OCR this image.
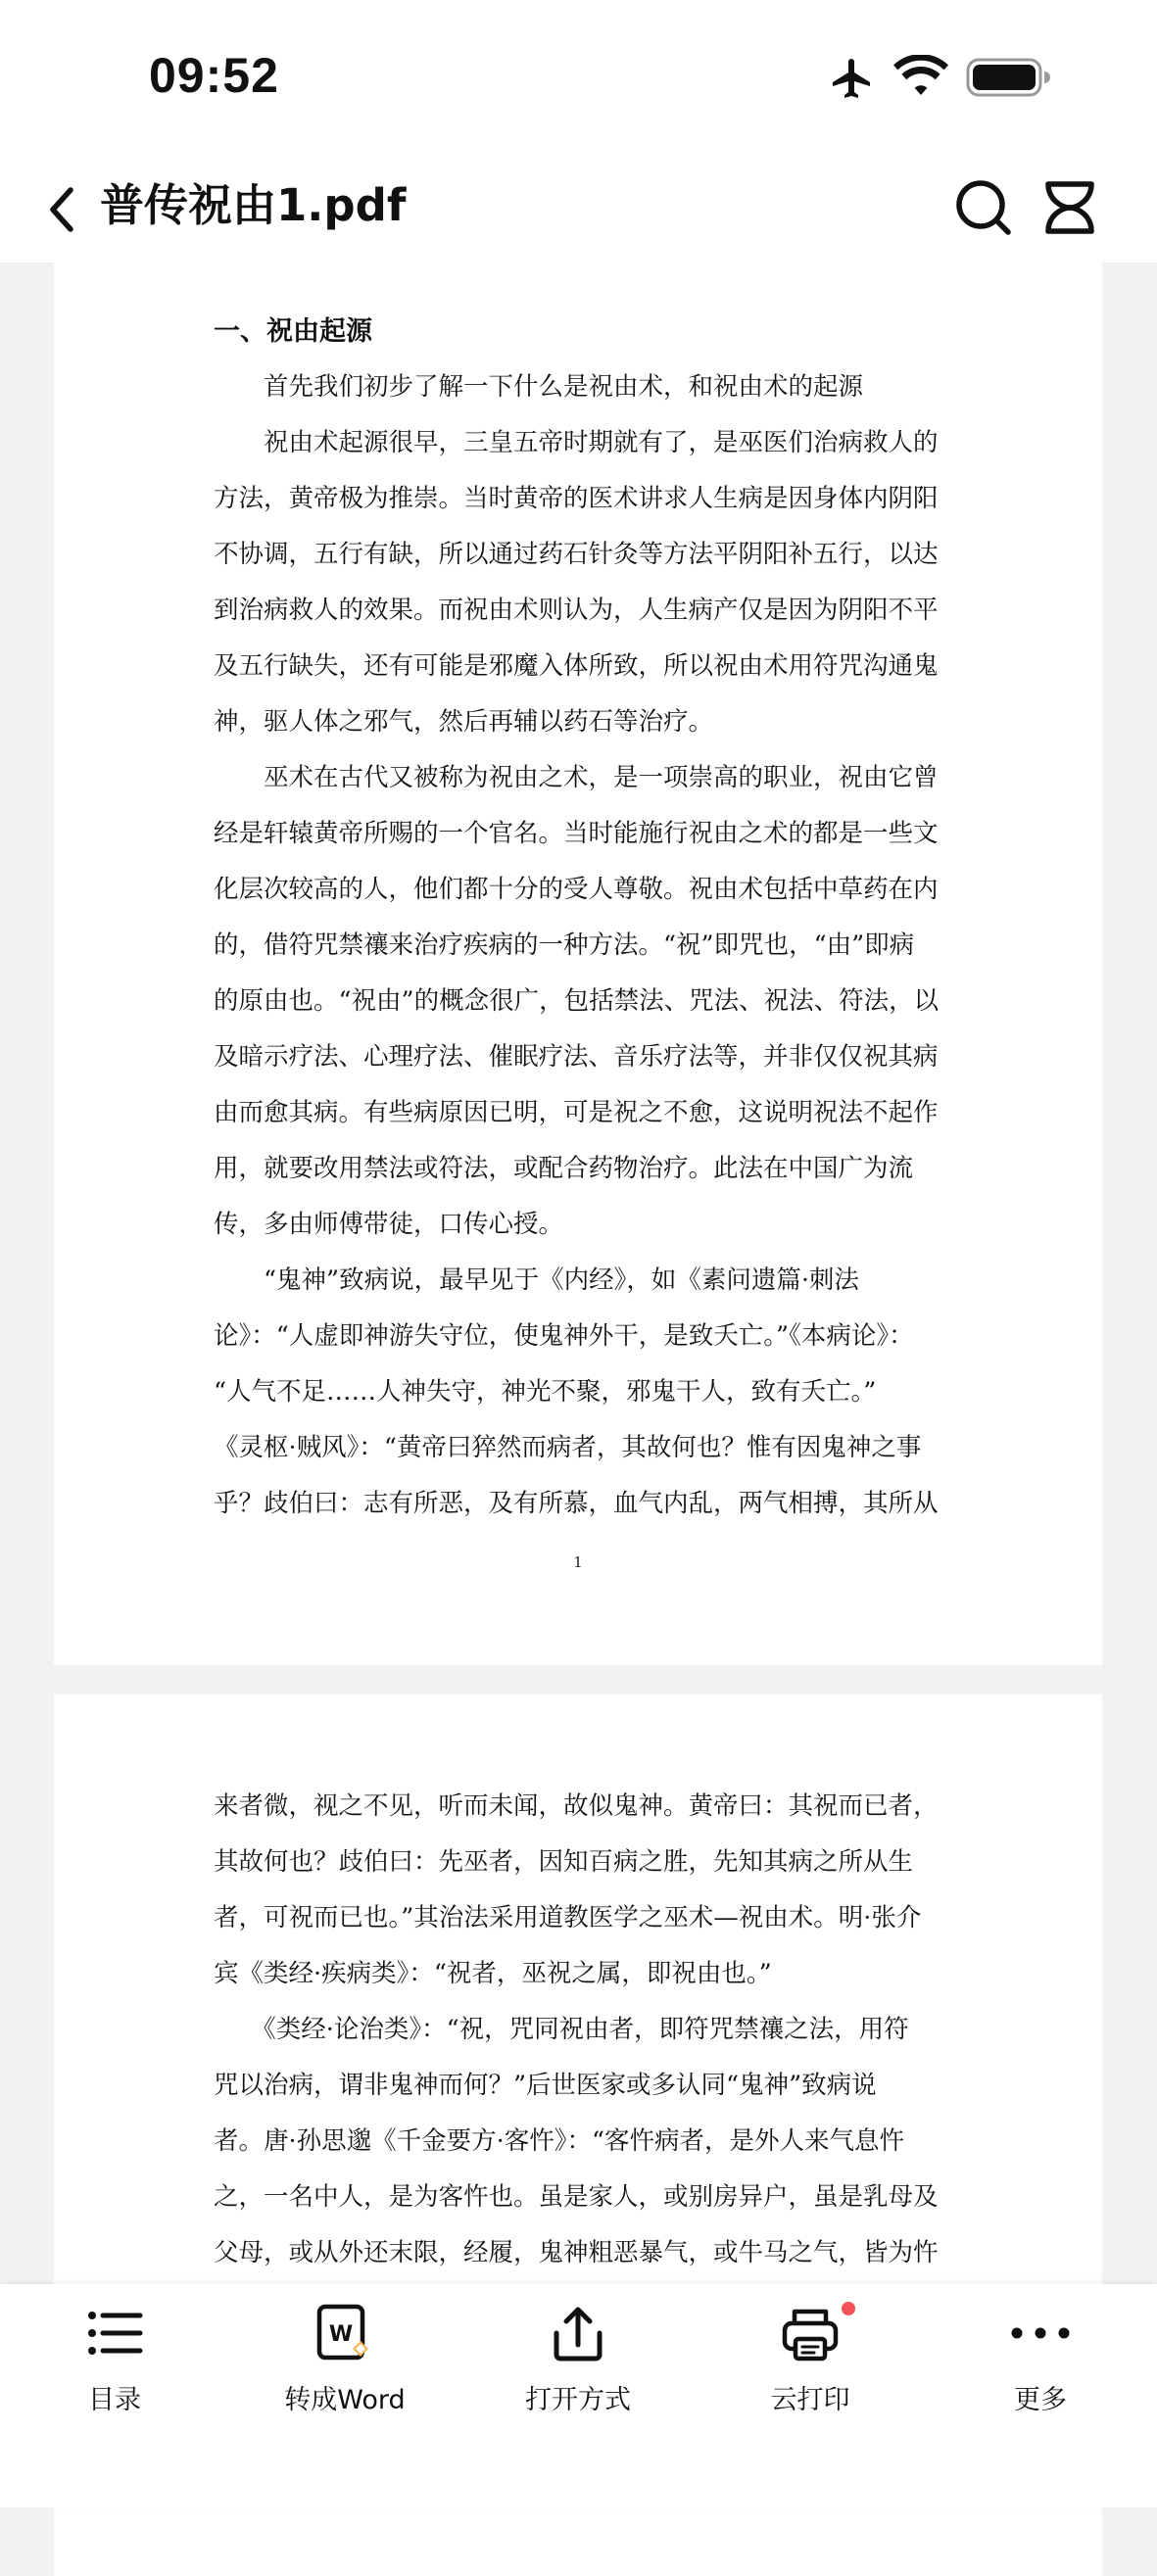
09:52
普传祝由1.pdf
一、祝由起源
　　首先我们初步了解一下什么是祝由术，和祝由术的起源
　　祝由术起源很早，三皇五帝时期就有了，是巫医们治病救人的
方法，黄帝极为推崇。当时黄帝的医术讲求人生病是因身体内阴阳
不协调，五行有缺，所以通过药石针灸等方法平阴阳补五行，以达
到治病救人的效果。而祝由术则认为，人生病产仅是因为阴阳不平
及五行缺失，还有可能是邪魔入体所致，所以祝由术用符咒沟通鬼
神，驱人体之邪气，然后再辅以药石等治疗。
　　巫术在古代又被称为祝由之术，是一项崇高的职业，祝由它曾
经是轩辕黄帝所赐的一个官名。当时能施行祝由之术的都是一些文
化层次较高的人，他们都十分的受人尊敬。祝由术包括中草药在内
的，借符咒禁禳来治疗疾病的一种方法。“祝”即咒也，“由”即病
的原由也。“祝由”的概念很广，包括禁法、咒法、祝法、符法，以
及暗示疗法、心理疗法、催眠疗法、音乐疗法等，并非仅仅祝其病
由而愈其病。有些病原因已明，可是祝之不愈，这说明祝法不起作
用，就要改用禁法或符法，或配合药物治疗。此法在中国广为流
传，多由师傅带徒，口传心授。
　　“鬼神”致病说，最早见于《内经》，如《素问遗篇·刺法
论》：“人虚即神游失守位，使鬼神外干，是致夭亡。”《本病论》：
“人气不足……人神失守，神光不聚，邪鬼干人，致有夭亡。”
《灵枢·贼风》：“黄帝曰猝然而病者，其故何也？惟有因鬼神之事
乎？歧伯曰：志有所恶，及有所慕，血气内乱，两气相搏，其所从
1
来者微，视之不见，听而未闻，故似鬼神。黄帝曰：其祝而已者，
其故何也？歧伯曰：先巫者，因知百病之胜，先知其病之所从生
者，可祝而已也。”其治法采用道教医学之巫术—祝由术。明·张介
宾《类经·疾病类》：“祝者，巫祝之属，即祝由也。”
　　《类经·论治类》：“祝，咒同祝由者，即符咒禁禳之法，用符
咒以治病，谓非鬼神而何？”后世医家或多认同“鬼神”致病说
者。唐·孙思邈《千金要方·客忤》：“客忤病者，是外人来气息忤
之，一名中人，是为客忤也。虽是家人，或别房异户，虽是乳母及
父母，或从外还末限，经履，鬼神粗恶暴气，或牛马之气，皆为忤
目录
W
转成Word	打开方式	云打印	更多
